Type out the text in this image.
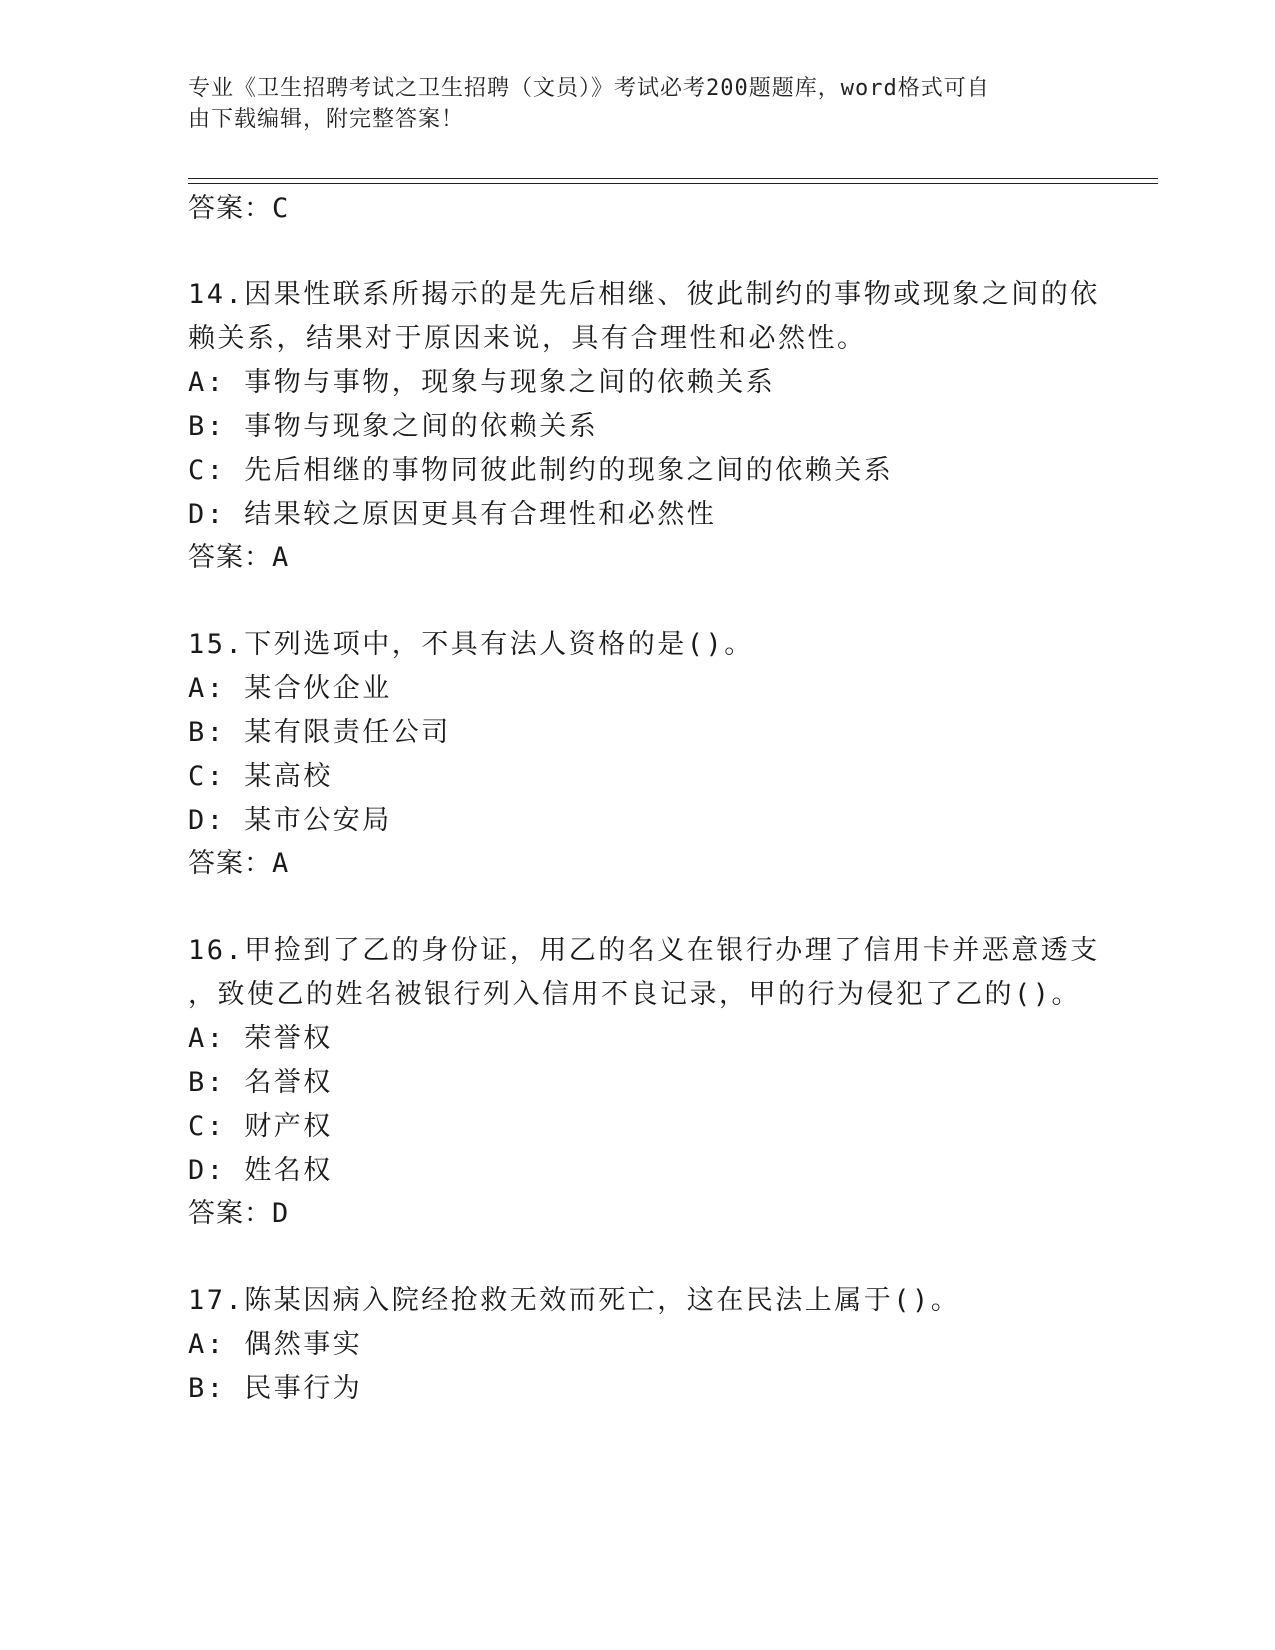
专业《卫生招聘考试之卫生招聘（文员）》考试必考200题题库，word格式可自
由下载编辑，附完整答案！
答案：C
14.因果性联系所揭示的是先后相继、彼此制约的事物或现象之间的依
赖关系，结果对于原因来说，具有合理性和必然性。
A: 事物与事物，现象与现象之间的依赖关系
B: 事物与现象之间的依赖关系
C: 先后相继的事物同彼此制约的现象之间的依赖关系
D: 结果较之原因更具有合理性和必然性
答案：A
15.下列选项中，不具有法人资格的是()。
A: 某合伙企业
B: 某有限责任公司
C: 某高校
D: 某市公安局
答案：A
16.甲捡到了乙的身份证，用乙的名义在银行办理了信用卡并恶意透支
，致使乙的姓名被银行列入信用不良记录，甲的行为侵犯了乙的()。
A: 荣誉权
B: 名誉权
C: 财产权
D: 姓名权
答案：D
17.陈某因病入院经抢救无效而死亡，这在民法上属于()。
A: 偶然事实
B: 民事行为
